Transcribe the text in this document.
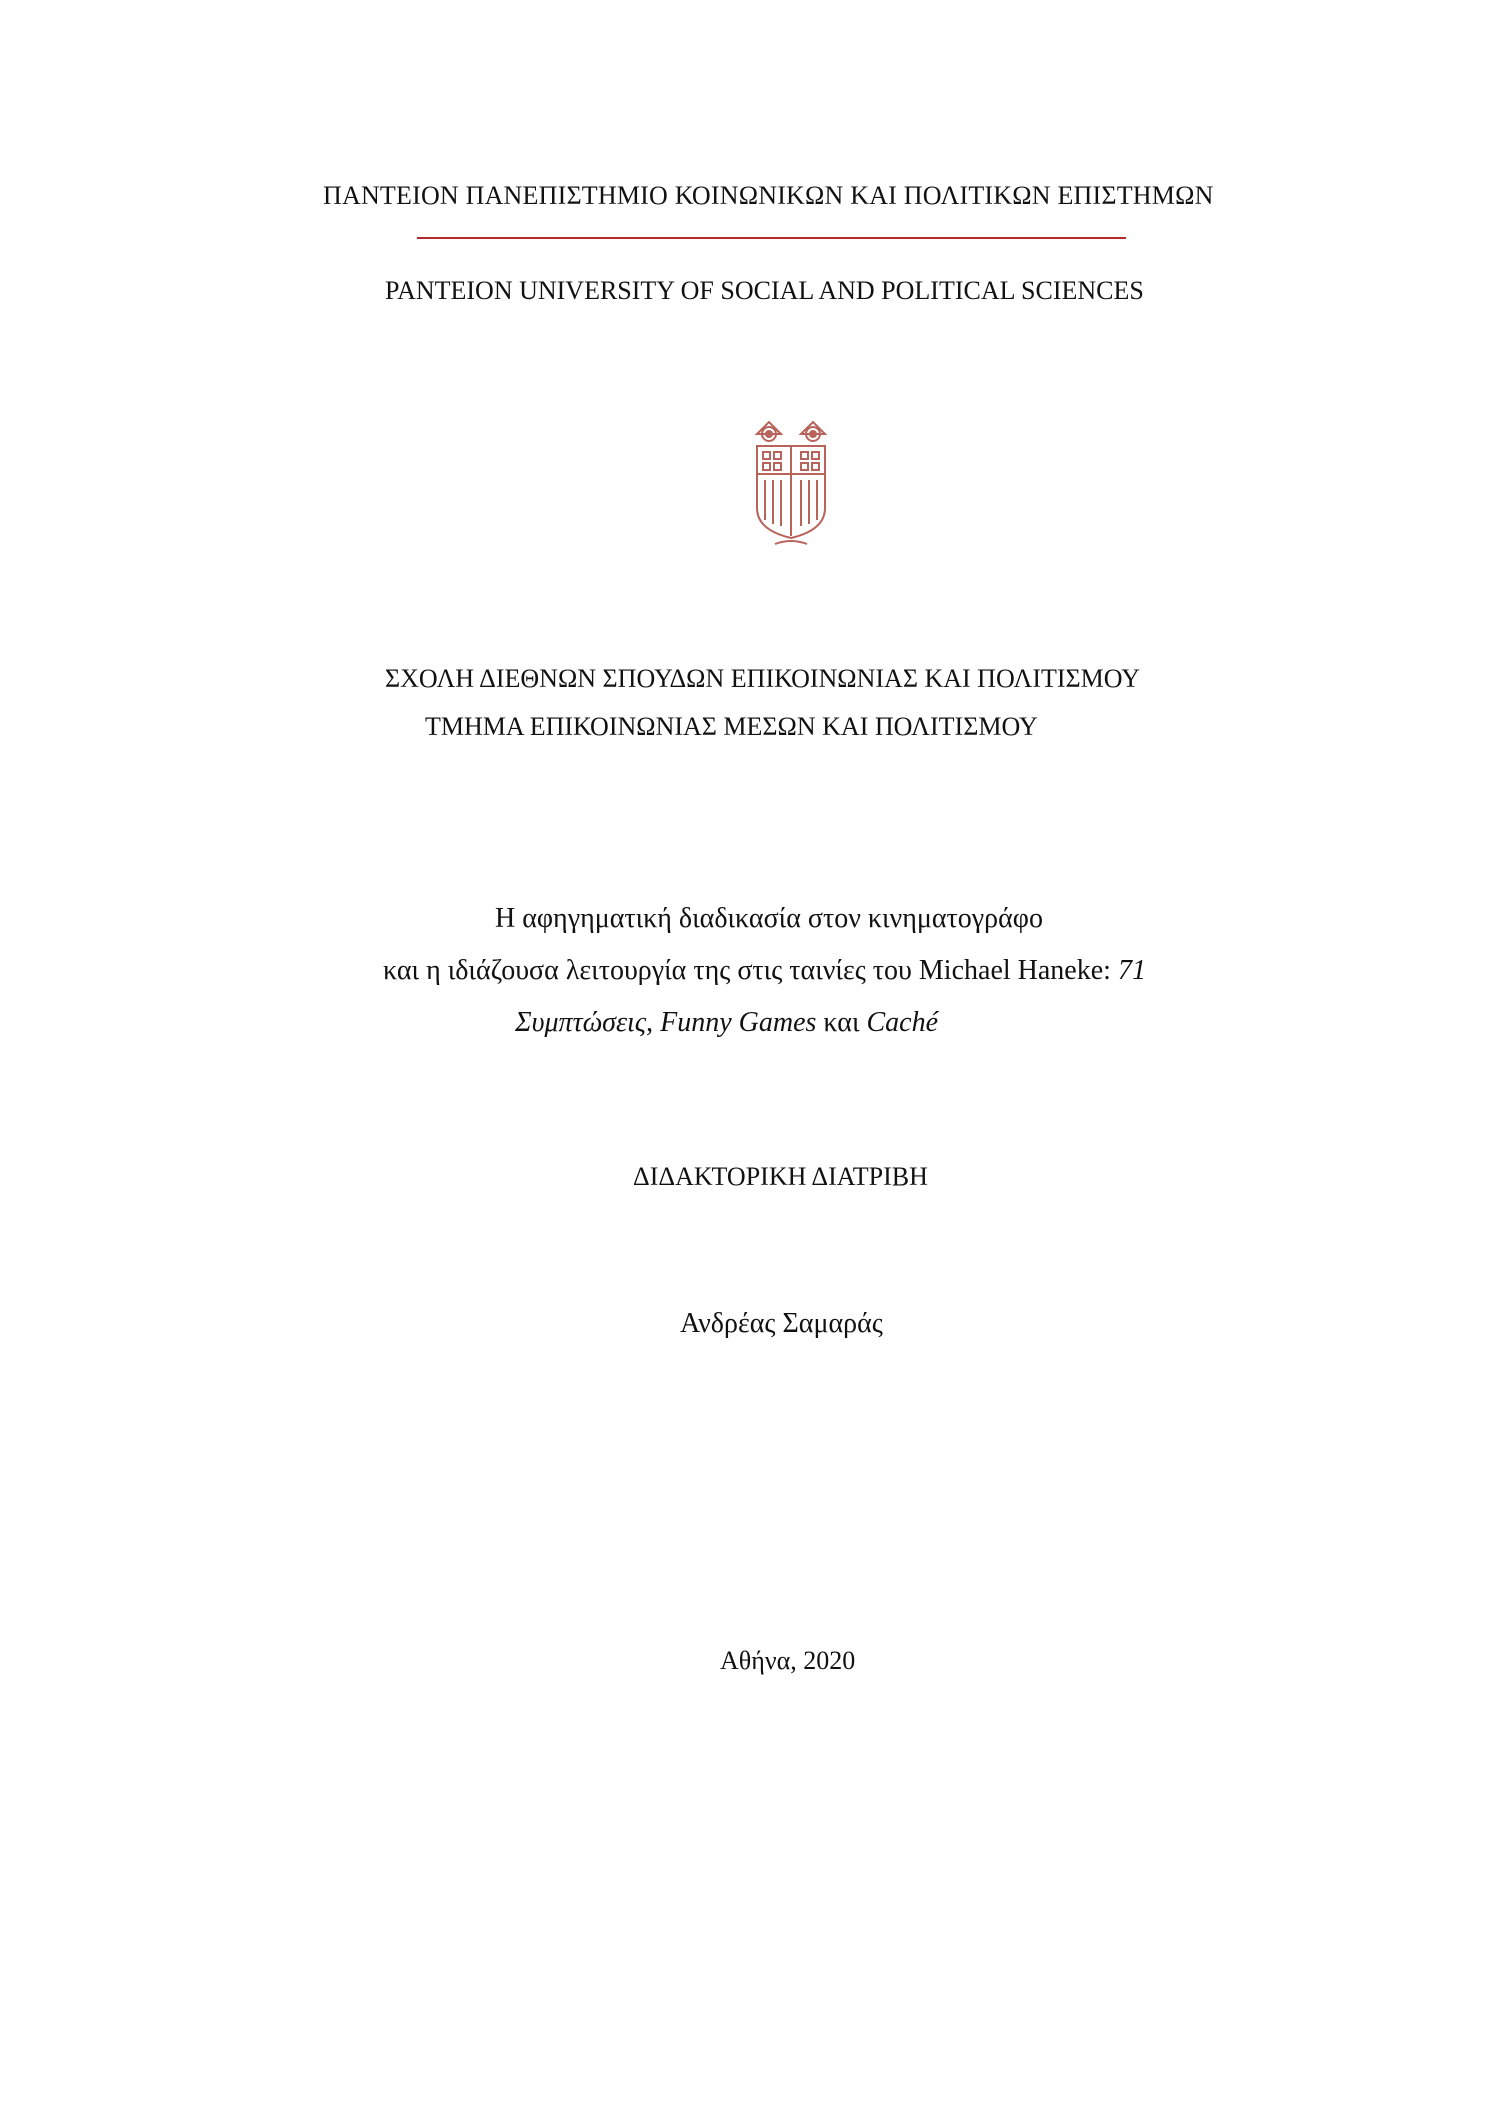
ΠΑΝΤΕΙΟΝ ΠΑΝΕΠΙΣΤΗΜΙΟ ΚΟΙΝΩΝΙΚΩΝ ΚΑΙ ΠΟΛΙΤΙΚΩΝ ΕΠΙΣΤΗΜΩΝ
PANTEION UNIVERSITY OF SOCIAL AND POLITICAL SCIENCES
ΣΧΟΛΗ ΔΙΕΘΝΩΝ ΣΠΟΥΔΩΝ ΕΠΙΚΟΙΝΩΝΙΑΣ ΚΑΙ ΠΟΛΙΤΙΣΜΟΥ
ΤΜΗΜΑ ΕΠΙΚΟΙΝΩΝΙΑΣ ΜΕΣΩΝ ΚΑΙ ΠΟΛΙΤΙΣΜΟΥ
Η αφηγηματική διαδικασία στον κινηματογράφο
και η ιδιάζουσα λειτουργία της στις ταινίες του Michael Haneke: 71
Συμπτώσεις, Funny Games και Caché
ΔΙΔΑΚΤΟΡΙΚΗ ΔΙΑΤΡΙΒΗ
Ανδρέας Σαμαράς
Αθήνα, 2020
